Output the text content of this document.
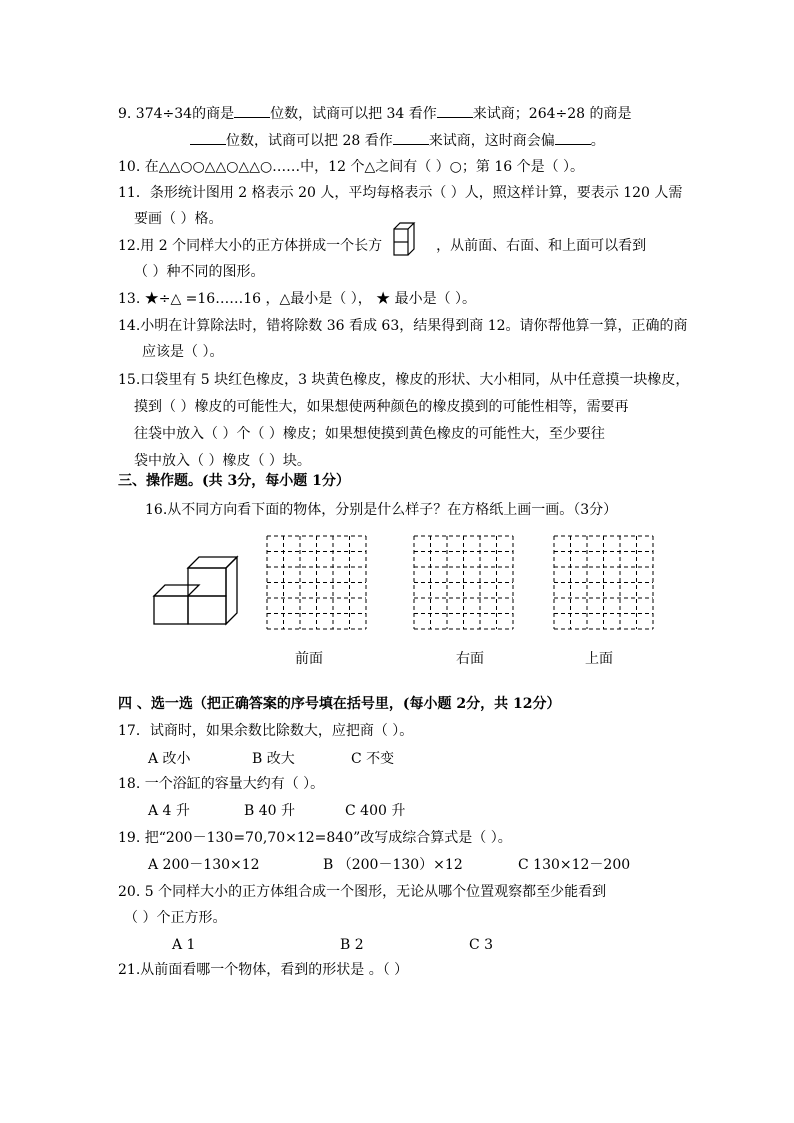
9. 374÷34的商是	位数，试商可以把 34 看作	来试商；264÷28 的商是
位数，试商可以把 28 看作	来试商，这时商会偏	。
10. 在△△○○△△○△△○……中，12 个△之间有（ ）○；第 16 个是（ ）。
11．条形统计图用 2 格表示 20 人，平均每格表示（ ）人，照这样计算，要表示 120 人需
要画（ ）格。
12.用 2 个同样大小的正方体拼成一个长方	，从前面、右面、和上面可以看到
（ ）种不同的图形。
13. ★÷△ =16……16 ，△最小是（ ）， ★ 最小是（ ）。
14.小明在计算除法时，错将除数 36 看成 63，结果得到商 12。请你帮他算一算，正确的商
应该是（ ）。
15.口袋里有 5 块红色橡皮，3 块黄色橡皮，橡皮的形状、大小相同，从中任意摸一块橡皮，
摸到（ ）橡皮的可能性大，如果想使两种颜色的橡皮摸到的可能性相等，需要再
往袋中放入（ ）个（ ）橡皮；如果想使摸到黄色橡皮的可能性大，至少要往
袋中放入（ ）橡皮（ ）块。
三、操作题。(共 3分，每小题 1分）
16.从不同方向看下面的物体，分别是什么样子？在方格纸上画一画。（3分）
前面	右面	上面
四 、选一选（把正确答案的序号填在括号里，(每小题 2分，共 12分）
17．试商时，如果余数比除数大，应把商（ ）。
A 改小	B 改大	C 不变
18. 一个浴缸的容量大约有（ ）。
A 4 升	B 40 升	C 400 升
19. 把“200－130=70,70×12=840”改写成综合算式是（ ）。
A 200－130×12	B （200－130）×12	C 130×12－200
20. 5 个同样大小的正方体组合成一个图形，无论从哪个位置观察都至少能看到
（ ）个正方形。
A 1	B 2	C 3
21.从前面看哪一个物体，看到的形状是 。（ ）
